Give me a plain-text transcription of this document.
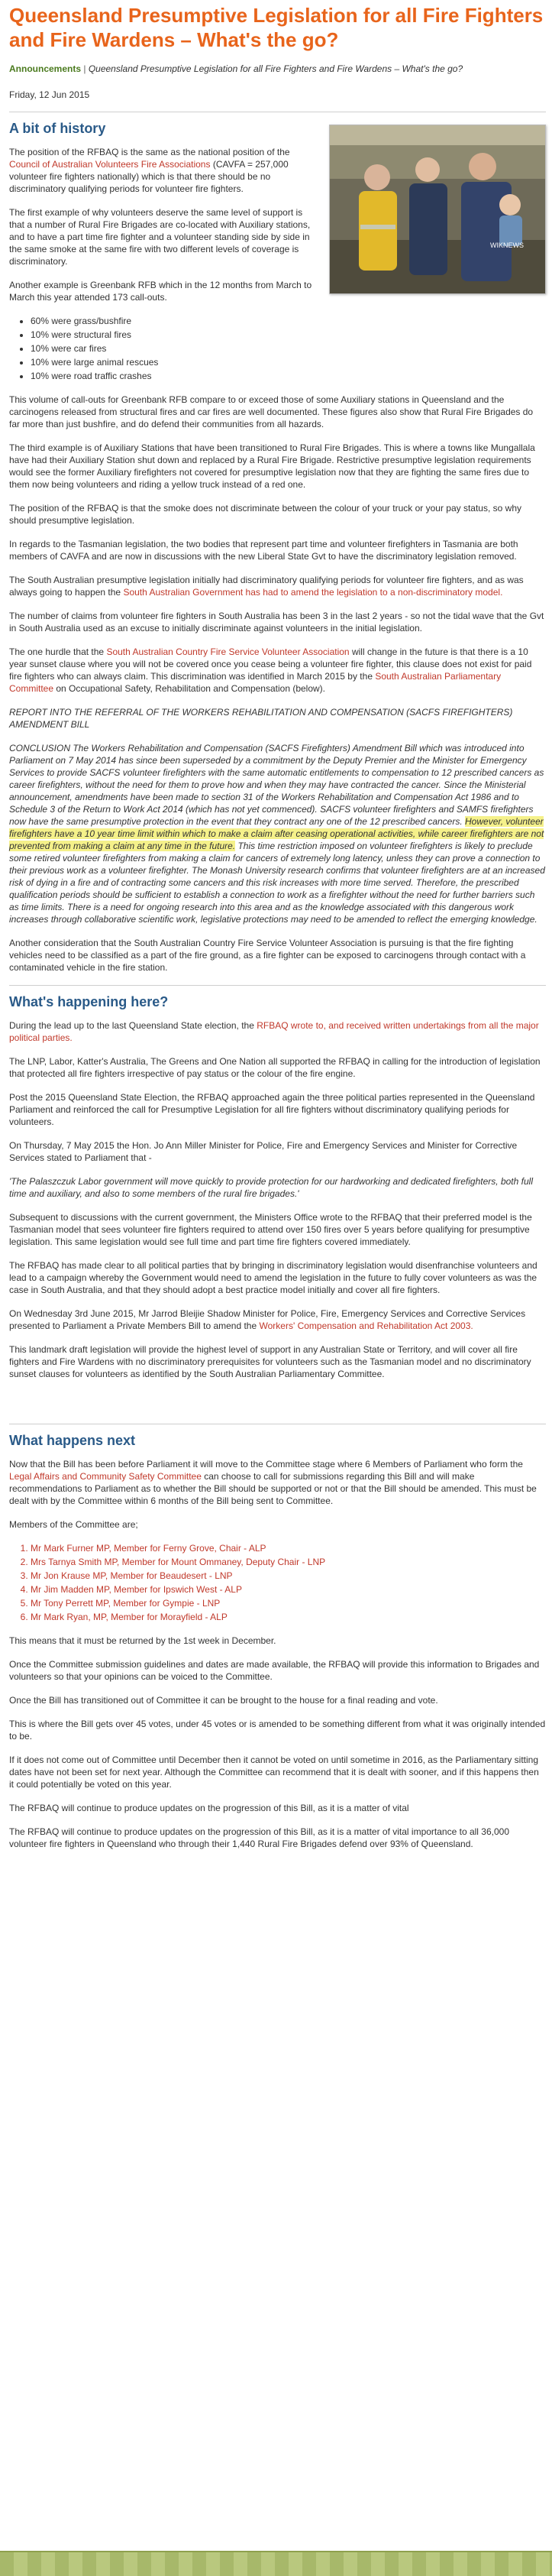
Queensland Presumptive Legislation for all Fire Fighters and Fire Wardens – What's the go?
Announcements | Queensland Presumptive Legislation for all Fire Fighters and Fire Wardens – What's the go?
Friday, 12 Jun 2015
WIKNEWS
A bit of history

The position of the RFBAQ is the same as the national position of the Council of Australian Volunteers Fire Associations (CAVFA = 257,000 volunteer fire fighters nationally) which is that there should be no discriminatory qualifying periods for volunteer fire fighters.

The first example of why volunteers deserve the same level of support is that a number of Rural Fire Brigades are co-located with Auxiliary stations, and to have a part time fire fighter and a volunteer standing side by side in the same smoke at the same fire with two different levels of coverage is discriminatory.

Another example is Greenbank RFB which in the 12 months from March to March this year attended 173 call-outs.

• 60% were grass/bushfire
• 10% were structural fires
• 10% were car fires
• 10% were large animal rescues
• 10% were road traffic crashes

This volume of call-outs for Greenbank RFB compare to or exceed those of some Auxiliary stations in Queensland and the carcinogens released from structural fires and car fires are well documented. These figures also show that Rural Fire Brigades do far more than just bushfire, and do defend their communities from all hazards.

The third example is of Auxiliary Stations that have been transitioned to Rural Fire Brigades. This is where a towns like Mungallala have had their Auxiliary Station shut down and replaced by a Rural Fire Brigade. Restrictive presumptive legislation requirements would see the former Auxiliary firefighters not covered for presumptive legislation now that they are fighting the same fires due to them now being volunteers and riding a yellow truck instead of a red one.

The position of the RFBAQ is that the smoke does not discriminate between the colour of your truck or your pay status, so why should presumptive legislation.

In regards to the Tasmanian legislation, the two bodies that represent part time and volunteer firefighters in Tasmania are both members of CAVFA and are now in discussions with the new Liberal State Gvt to have the discriminatory legislation removed.

The South Australian presumptive legislation initially had discriminatory qualifying periods for volunteer fire fighters, and as was always going to happen the South Australian Government has had to amend the legislation to a non-discriminatory model.

The number of claims from volunteer fire fighters in South Australia has been 3 in the last 2 years - so not the tidal wave that the Gvt in South Australia used as an excuse to initially discriminate against volunteers in the initial legislation.

The one hurdle that the South Australian Country Fire Service Volunteer Association will change in the future is that there is a 10 year sunset clause where you will not be covered once you cease being a volunteer fire fighter, this clause does not exist for paid fire fighters who can always claim. This discrimination was identified in March 2015 by the South Australian Parliamentary Committee on Occupational Safety, Rehabilitation and Compensation (below).

REPORT INTO THE REFERRAL OF THE WORKERS REHABILITATION AND COMPENSATION (SACFS FIREFIGHTERS) AMENDMENT BILL

CONCLUSION The Workers Rehabilitation and Compensation (SACFS Firefighters) Amendment Bill which was introduced into Parliament on 7 May 2014 has since been superseded by a commitment by the Deputy Premier and the Minister for Emergency Services to provide SACFS volunteer firefighters with the same automatic entitlements to compensation to 12 prescribed cancers as career firefighters, without the need for them to prove how and when they may have contracted the cancer. Since the Ministerial announcement, amendments have been made to section 31 of the Workers Rehabilitation and Compensation Act 1986 and to Schedule 3 of the Return to Work Act 2014 (which has not yet commenced). SACFS volunteer firefighters and SAMFS firefighters now have the same presumptive protection in the event that they contract any one of the 12 prescribed cancers. However, volunteer firefighters have a 10 year time limit within which to make a claim after ceasing operational activities, while career firefighters are not prevented from making a claim at any time in the future. This time restriction imposed on volunteer firefighters is likely to preclude some retired volunteer firefighters from making a claim for cancers of extremely long latency, unless they can prove a connection to their previous work as a volunteer firefighter. The Monash University research confirms that volunteer firefighters are at an increased risk of dying in a fire and of contracting some cancers and this risk increases with more time served. Therefore, the prescribed qualification periods should be sufficient to establish a connection to work as a firefighter without the need for further barriers such as time limits. There is a need for ongoing research into this area and as the knowledge associated with this dangerous work increases through collaborative scientific work, legislative protections may need to be amended to reflect the emerging knowledge.

Another consideration that the South Australian Country Fire Service Volunteer Association is pursuing is that the fire fighting vehicles need to be classified as a part of the fire ground, as a fire fighter can be exposed to carcinogens through contact with a contaminated vehicle in the fire station.

What's happening here?

During the lead up to the last Queensland State election, the RFBAQ wrote to, and received written undertakings from all the major political parties.

The LNP, Labor, Katter's Australia, The Greens and One Nation all supported the RFBAQ in calling for the introduction of legislation that protected all fire fighters irrespective of pay status or the colour of the fire engine.

Post the 2015 Queensland State Election, the RFBAQ approached again the three political parties represented in the Queensland Parliament and reinforced the call for Presumptive Legislation for all fire fighters without discriminatory qualifying periods for volunteers.

On Thursday, 7 May 2015 the Hon. Jo Ann Miller Minister for Police, Fire and Emergency Services and Minister for Corrective Services stated to Parliament that -

'The Palaszczuk Labor government will move quickly to provide protection for our hardworking and dedicated firefighters, both full time and auxiliary, and also to some members of the rural fire brigades.'

Subsequent to discussions with the current government, the Ministers Office wrote to the RFBAQ that their preferred model is the Tasmanian model that sees volunteer fire fighters required to attend over 150 fires over 5 years before qualifying for presumptive legislation. This same legislation would see full time and part time fire fighters covered immediately.

The RFBAQ has made clear to all political parties that by bringing in discriminatory legislation would disenfranchise volunteers and lead to a campaign whereby the Government would need to amend the legislation in the future to fully cover volunteers as was the case in South Australia, and that they should adopt a best practice model initially and cover all fire fighters.

On Wednesday 3rd June 2015, Mr Jarrod Bleijie Shadow Minister for Police, Fire, Emergency Services and Corrective Services presented to Parliament a Private Members Bill to amend the Workers' Compensation and Rehabilitation Act 2003.

This landmark draft legislation will provide the highest level of support in any Australian State or Territory, and will cover all fire fighters and Fire Wardens with no discriminatory prerequisites for volunteers such as the Tasmanian model and no discriminatory sunset clauses for volunteers as identified by the South Australian Parliamentary Committee.

What happens next

Now that the Bill has been before Parliament it will move to the Committee stage where 6 Members of Parliament who form the Legal Affairs and Community Safety Committee can choose to call for submissions regarding this Bill and will make recommendations to Parliament as to whether the Bill should be supported or not or that the Bill should be amended. This must be dealt with by the Committee within 6 months of the Bill being sent to Committee.

Members of the Committee are;

1. Mr Mark Furner MP, Member for Ferny Grove, Chair - ALP
2. Mrs Tarnya Smith MP, Member for Mount Ommaney, Deputy Chair - LNP
3. Mr Jon Krause MP, Member for Beaudesert - LNP
4. Mr Jim Madden MP, Member for Ipswich West - ALP
5. Mr Tony Perrett MP, Member for Gympie - LNP
6. Mr Mark Ryan, MP, Member for Morayfield - ALP

This means that it must be returned by the 1st week in December.

Once the Committee submission guidelines and dates are made available, the RFBAQ will provide this information to Brigades and volunteers so that your opinions can be voiced to the Committee.

Once the Bill has transitioned out of Committee it can be brought to the house for a final reading and vote.

This is where the Bill gets over 45 votes, under 45 votes or is amended to be something different from what it was originally intended to be.

If it does not come out of Committee until December then it cannot be voted on until sometime in 2016, as the Parliamentary sitting dates have not been set for next year. Although the Committee can recommend that it is dealt with sooner, and if this happens then it could potentially be voted on this year.

The RFBAQ will continue to produce updates on the progression of this Bill, as it is a matter of vital

The RFBAQ will continue to produce updates on the progression of this Bill, as it is a matter of vital importance to all 36,000 volunteer fire fighters in Queensland who through their 1,440 Rural Fire Brigades defend over 93% of Queensland.
